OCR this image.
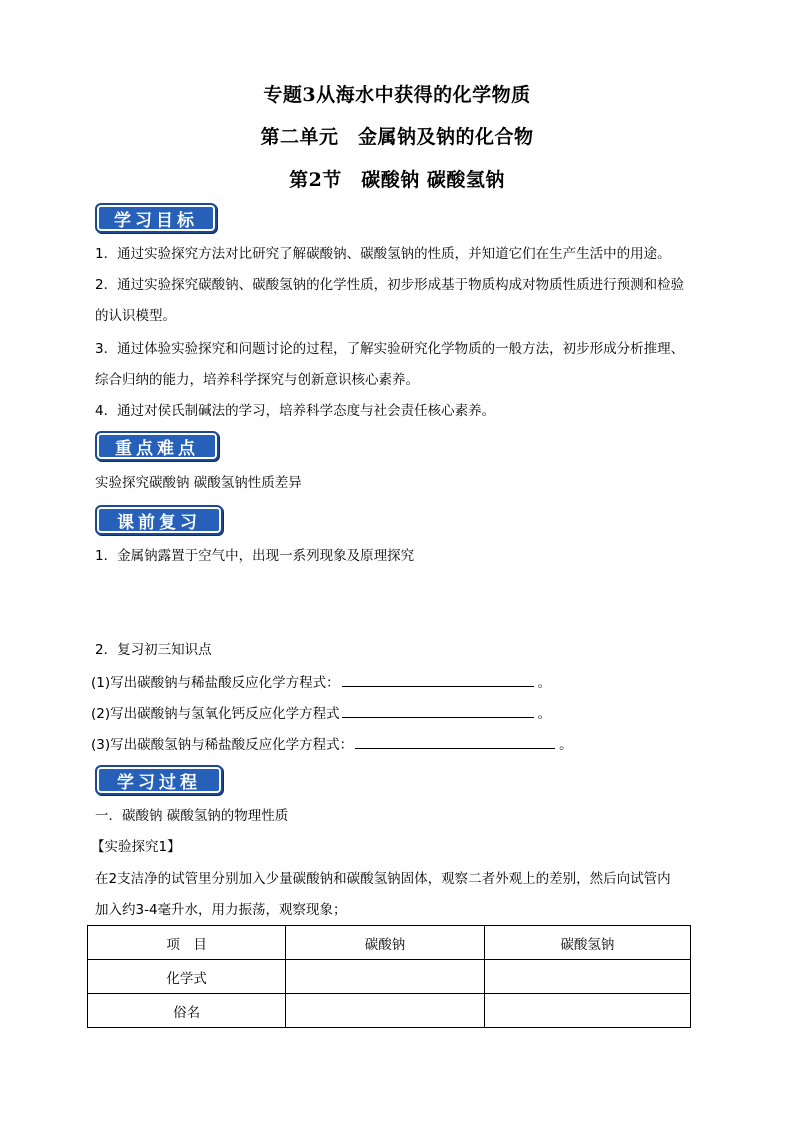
专题3从海水中获得的化学物质
第二单元　金属钠及钠的化合物
第2节　碳酸钠 碳酸氢钠
学习目标
1．通过实验探究方法对比研究了解碳酸钠、碳酸氢钠的性质，并知道它们在生产生活中的用途。
2．通过实验探究碳酸钠、碳酸氢钠的化学性质，初步形成基于物质构成对物质性质进行预测和检验
的认识模型。
3．通过体验实验探究和问题讨论的过程，了解实验研究化学物质的一般方法，初步形成分析推理、
综合归纳的能力，培养科学探究与创新意识核心素养。
4．通过对侯氏制碱法的学习，培养科学态度与社会责任核心素养。
重点难点
实验探究碳酸钠 碳酸氢钠性质差异
课前复习
1．金属钠露置于空气中，出现一系列现象及原理探究
2．复习初三知识点
(1)写出碳酸钠与稀盐酸反应化学方程式：	。
(2)写出碳酸钠与氢氧化钙反应化学方程式	。
(3)写出碳酸氢钠与稀盐酸反应化学方程式：	。
学习过程
一．碳酸钠 碳酸氢钠的物理性质
【实验探究1】
在2支洁净的试管里分别加入少量碳酸钠和碳酸氢钠固体，观察二者外观上的差别，然后向试管内
加入约3-4毫升水，用力振荡，观察现象；
项　目	碳酸钠	碳酸氢钠
化学式		
俗名		
